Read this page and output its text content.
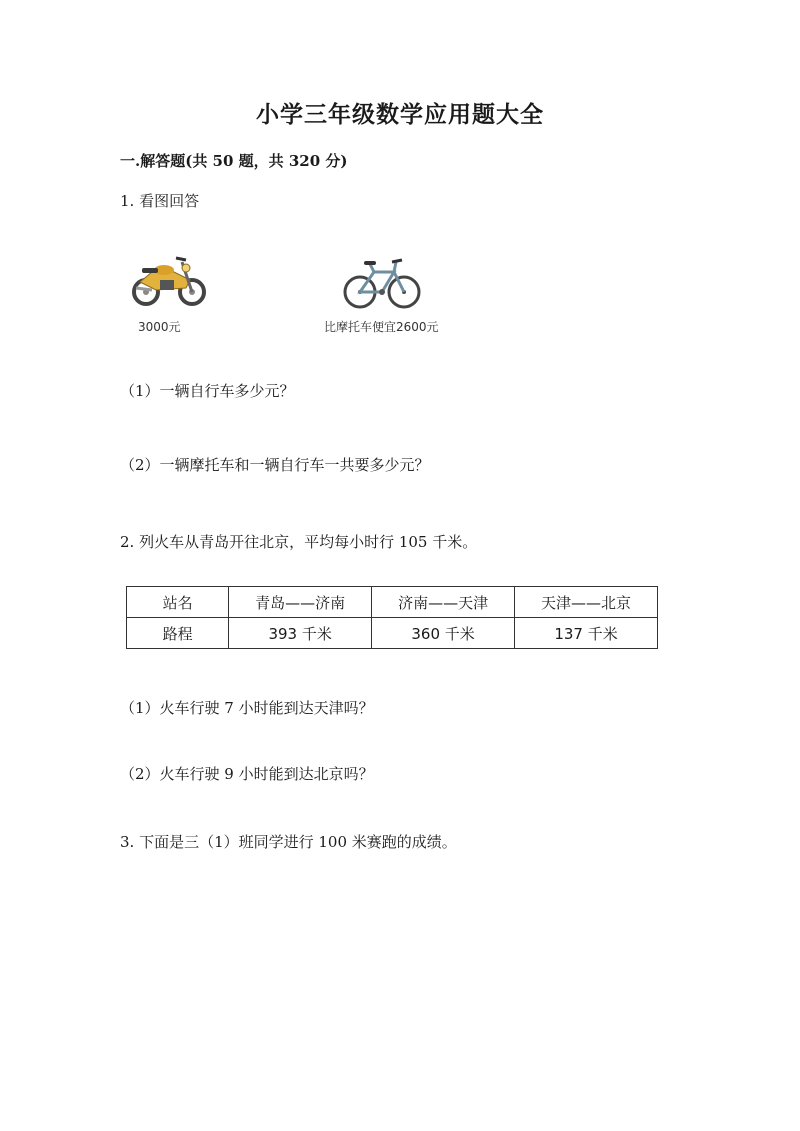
小学三年级数学应用题大全
一.解答题(共 50 题，共 320 分)
1. 看图回答
3000元	比摩托车便宜2600元
（1）一辆自行车多少元？
（2）一辆摩托车和一辆自行车一共要多少元？
2. 列火车从青岛开往北京，平均每小时行 105 千米。
站名	青岛——济南	济南——天津	天津——北京
路程	393 千米	360 千米	137 千米
（1）火车行驶 7 小时能到达天津吗？
（2）火车行驶 9 小时能到达北京吗？
3. 下面是三（1）班同学进行 100 米赛跑的成绩。
